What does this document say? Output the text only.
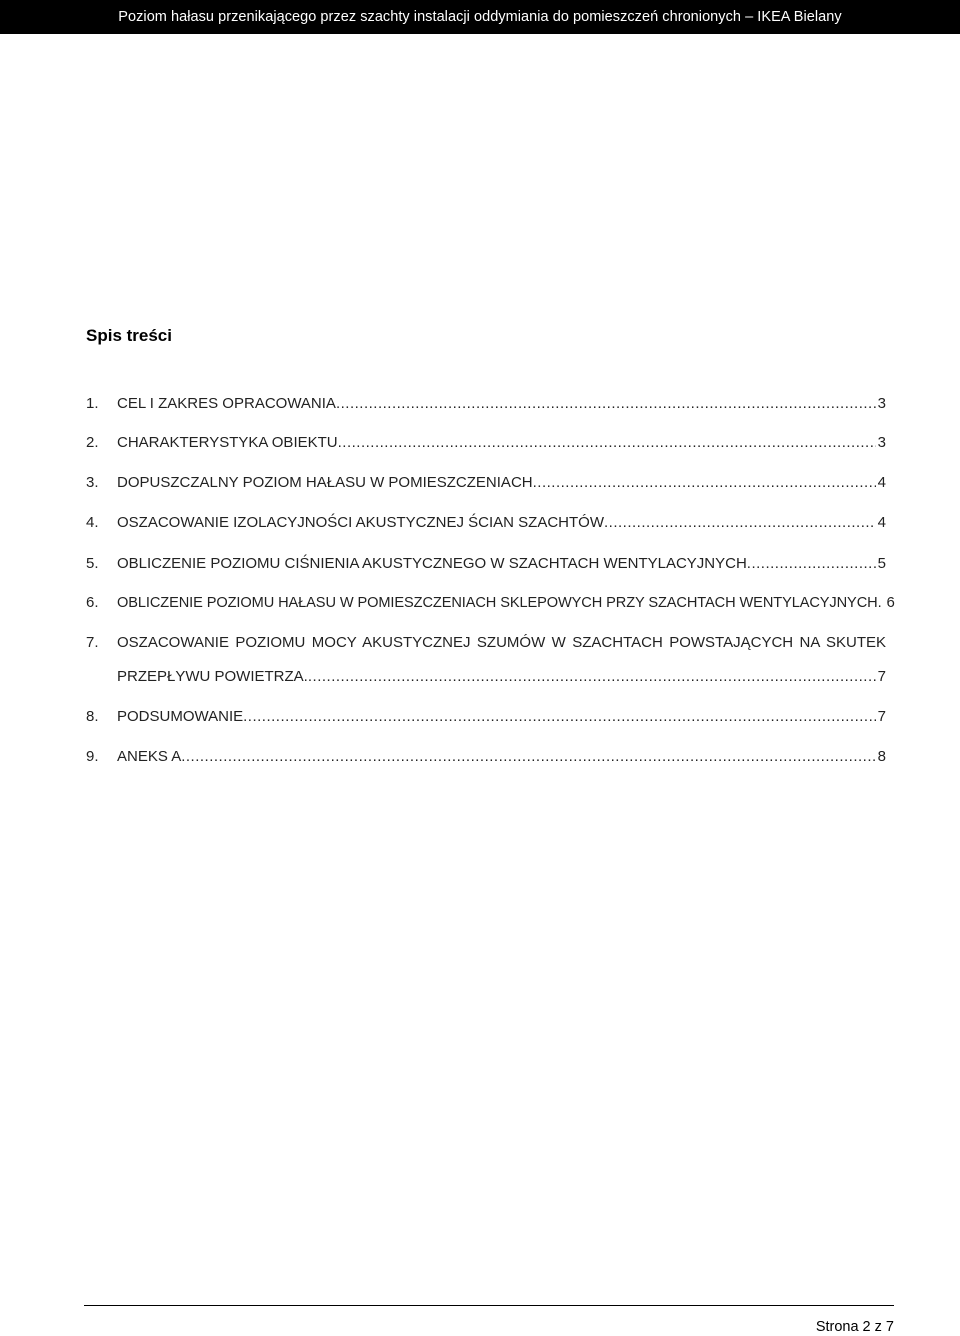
Poziom hałasu przenikającego przez szachty instalacji oddymiania do pomieszczeń chronionych – IKEA Bielany
Spis treści
1.	CEL I ZAKRES OPRACOWANIA .....	3
2.	CHARAKTERYSTYKA OBIEKTU .....	3
3.	DOPUSZCZALNY POZIOM HAŁASU W POMIESZCZENIACH .....	4
4.	OSZACOWANIE IZOLACYJNOŚCI AKUSTYCZNEJ ŚCIAN SZACHTÓW .....	4
5.	OBLICZENIE POZIOMU CIŚNIENIA AKUSTYCZNEGO W SZACHTACH WENTYLACYJNYCH .....	5
6.	OBLICZENIE POZIOMU HAŁASU W POMIESZCZENIACH SKLEPOWYCH PRZY SZACHTACH WENTYLACYJNYCH. 6
7.	OSZACOWANIE POZIOMU MOCY AKUSTYCZNEJ SZUMÓW W SZACHTACH POWSTAJĄCYCH NA SKUTEK
PRZEPŁYWU POWIETRZA. .....	7
8.	PODSUMOWANIE .....	7
9.	ANEKS A .....	8
Strona 2 z 7
